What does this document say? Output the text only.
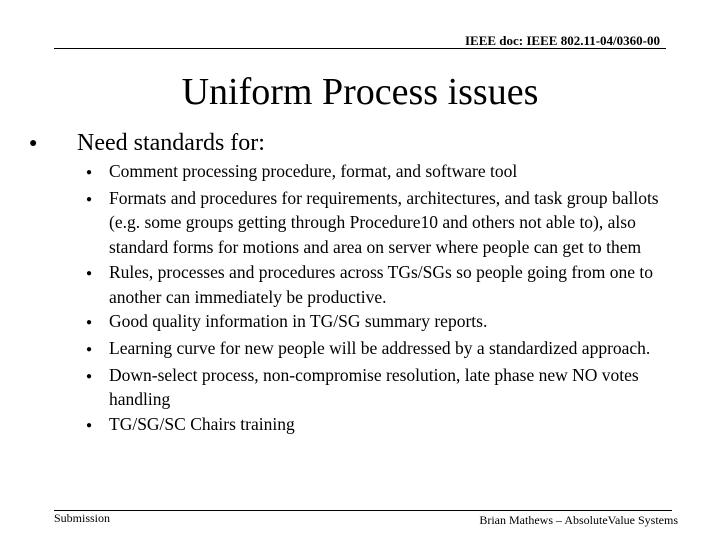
IEEE doc: IEEE 802.11-04/0360-00
Uniform Process issues
●	Need standards for:
● Comment processing procedure, format, and software tool
● Formats and procedures for requirements, architectures, and task group ballots (e.g. some groups getting through Procedure10 and others not able to), also standard forms for motions and area on server where people can get to them
● Rules, processes and procedures across TGs/SGs so people going from one to another can immediately be productive.
● Good quality information in TG/SG summary reports.
● Learning curve for new people will be addressed by a standardized approach.
● Down-select process, non-compromise resolution, late phase new NO votes handling
● TG/SG/SC Chairs training
Submission	Brian Mathews – AbsoluteValue Systems
